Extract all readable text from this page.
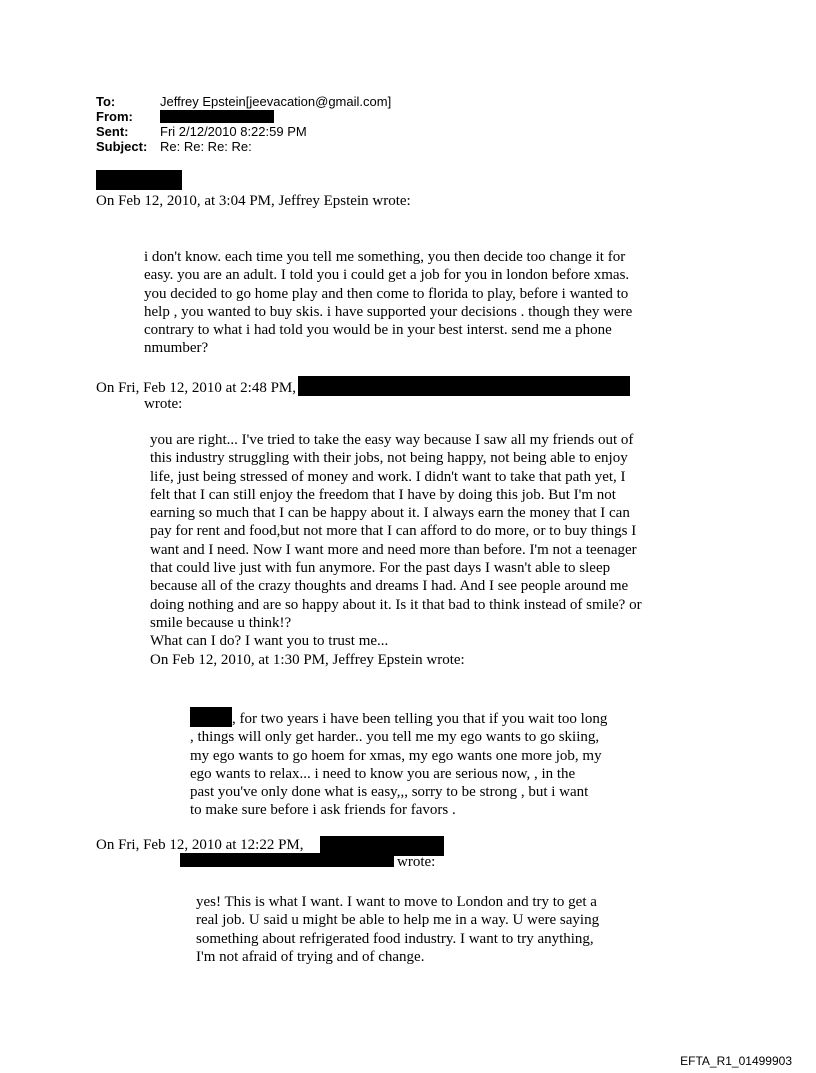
To:	Jeffrey Epstein[jeevacation@gmail.com]
From:
Sent:	Fri 2/12/2010 8:22:59 PM
Subject: Re: Re: Re: Re:
On Feb 12, 2010, at 3:04 PM, Jeffrey Epstein wrote:

i don't know. each time you tell me something, you then decide too change it for

easy. you are an adult. I told you i could get a job for you in london before xmas.

you decided to go home play and then come to florida to play, before i wanted to

help , you wanted to buy skis. i have supported your decisions . though they were

contrary to what i had told you would be in your best interst. send me a phone

nmumber?

On Fri, Feb 12, 2010 at 2:48 PM,
wrote:

you are right... I've tried to take the easy way because I saw all my friends out of

this industry struggling with their jobs, not being happy, not being able to enjoy

life, just being stressed of money and work. I didn't want to take that path yet, I

felt that I can still enjoy the freedom that I have by doing this job. But I'm not

earning so much that I can be happy about it. I always earn the money that I can

pay for rent and food,but not more that I can afford to do more, or to buy things I

want and I need. Now I want more and need more than before. I'm not a teenager

that could live just with fun anymore. For the past days I wasn't able to sleep

because all of the crazy thoughts and dreams I had. And I see people around me

doing nothing and are so happy about it. Is it that bad to think instead of smile? or

smile because u think!?

What can I do? I want you to trust me...

On Feb 12, 2010, at 1:30 PM, Jeffrey Epstein wrote:

, for two years i have been telling you that if you wait too long

, things will only get harder.. you tell me my ego wants to go skiing,

my ego wants to go hoem for xmas, my ego wants one more job, my

ego wants to relax... i need to know you are serious now, , in the

past you've only done what is easy,,, sorry to be strong , but i want

to make sure before i ask friends for favors .

On Fri, Feb 12, 2010 at 12:22 PM,
wrote:

yes! This is what I want. I want to move to London and try to get a

real job. U said u might be able to help me in a way. U were saying

something about refrigerated food industry. I want to try anything,

I'm not afraid of trying and of change.

EFTA_R1_01499903
